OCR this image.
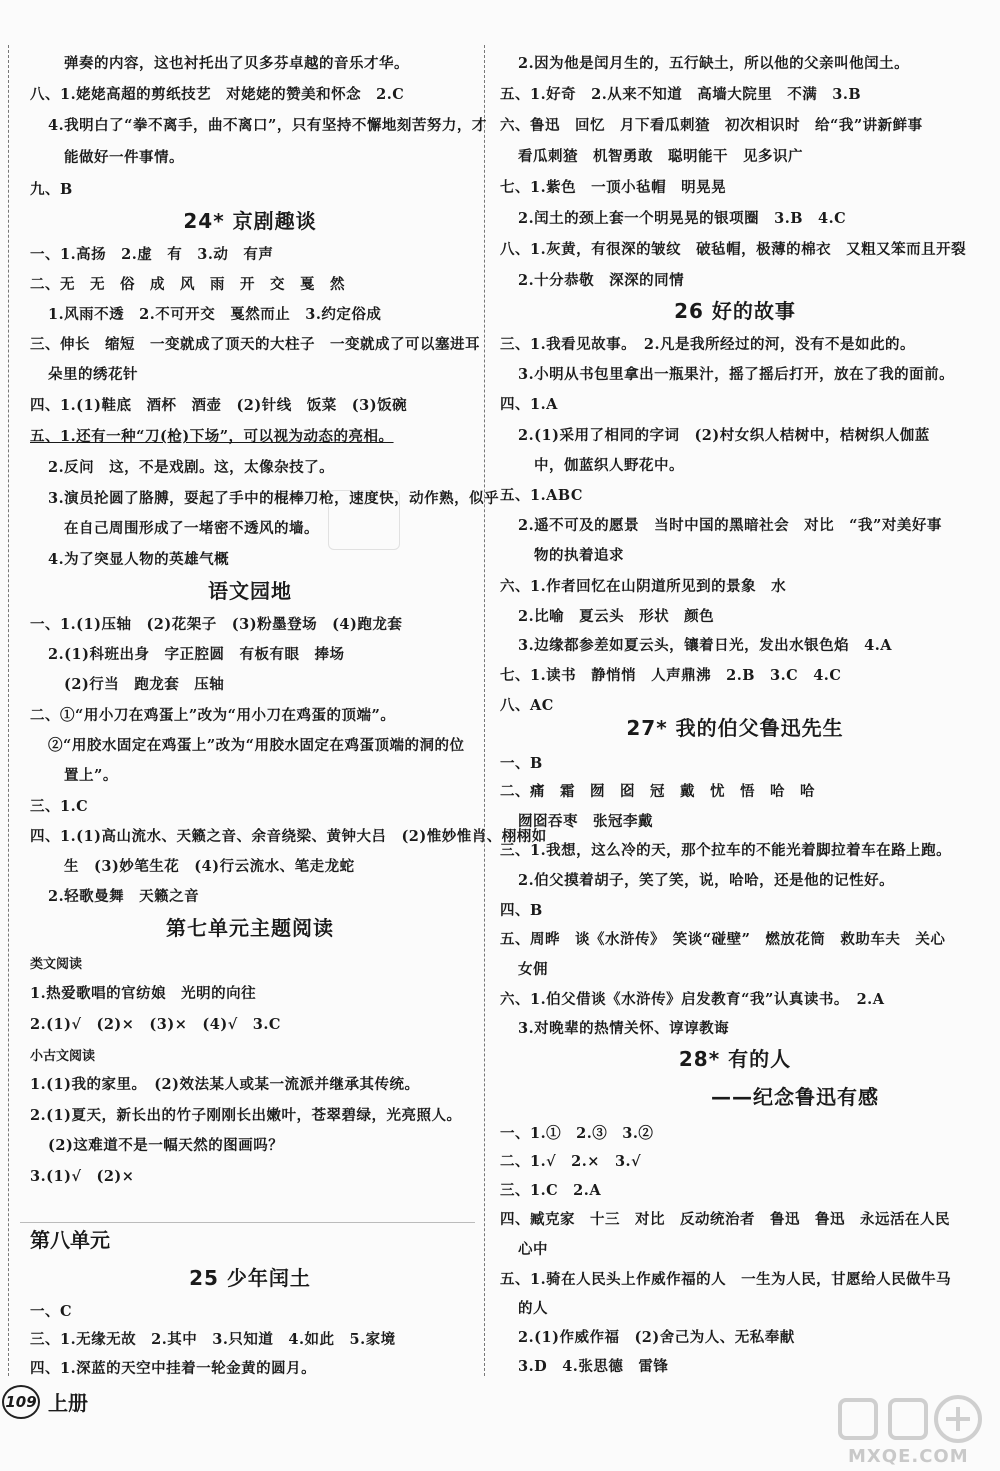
弹奏的内容，这也衬托出了贝多芬卓越的音乐才华。
八、1.姥姥高超的剪纸技艺　对姥姥的赞美和怀念　2.C
4.我明白了“拳不离手，曲不离口”，只有坚持不懈地刻苦努力，才
能做好一件事情。
九、B
24* 京剧趣谈
一、1.高扬　2.虚　有　3.动　有声
二、无　无　俗　成　风　雨　开　交　戛　然
1.风雨不透　2.不可开交　戛然而止　3.约定俗成
三、伸长　缩短　一变就成了顶天的大柱子　一变就成了可以塞进耳
朵里的绣花针
四、1.(1)鞋底　酒杯　酒壶　(2)针线　饭菜　(3)饭碗
五、1.还有一种“刀(枪)下场”，可以视为动态的亮相。
2.反问　这，不是戏剧。这，太像杂技了。
3.演员抡圆了胳膊，耍起了手中的棍棒刀枪，速度快，动作熟，似乎
在自己周围形成了一堵密不透风的墙。
4.为了突显人物的英雄气概
语文园地
一、1.(1)压轴　(2)花架子　(3)粉墨登场　(4)跑龙套
2.(1)科班出身　字正腔圆　有板有眼　捧场
(2)行当　跑龙套　压轴
二、①“用小刀在鸡蛋上”改为“用小刀在鸡蛋的顶端”。
②“用胶水固定在鸡蛋上”改为“用胶水固定在鸡蛋顶端的洞的位
置上”。
三、1.C
四、1.(1)高山流水、天籁之音、余音绕梁、黄钟大吕　(2)惟妙惟肖、栩栩如
生　(3)妙笔生花　(4)行云流水、笔走龙蛇
2.轻歌曼舞　天籁之音
第七单元主题阅读
类文阅读
1.热爱歌唱的官纺娘　光明的向往
2.(1)√　(2)×　(3)×　(4)√　3.C
小古文阅读
1.(1)我的家里。　(2)效法某人或某一流派并继承其传统。
2.(1)夏天，新长出的竹子刚刚长出嫩叶，苍翠碧绿，光亮照人。
(2)这难道不是一幅天然的图画吗？
3.(1)√　(2)×
第八单元
25 少年闰土
一、C
三、1.无缘无故　2.其中　3.只知道　4.如此　5.家境
四、1.深蓝的天空中挂着一轮金黄的圆月。
2.因为他是闰月生的，五行缺土，所以他的父亲叫他闰土。
五、1.好奇　2.从来不知道　高墙大院里　不满　3.B
六、鲁迅　回忆　月下看瓜刺猹　初次相识时　给“我”讲新鲜事
看瓜刺猹　机智勇敢　聪明能干　见多识广
七、1.紫色　一顶小毡帽　明晃晃
2.闰土的颈上套一个明晃晃的银项圈　3.B　4.C
八、1.灰黄，有很深的皱纹　破毡帽，极薄的棉衣　又粗又笨而且开裂
2.十分恭敬　深深的同情
26 好的故事
三、1.我看见故事。　2.凡是我所经过的河，没有不是如此的。
3.小明从书包里拿出一瓶果汁，摇了摇后打开，放在了我的面前。
四、1.A
2.(1)采用了相同的字词　(2)村女织人桔树中，桔树织人伽蓝
中，伽蓝织人野花中。
五、1.ABC
2.遥不可及的愿景　当时中国的黑暗社会　对比　“我”对美好事
物的执着追求
六、1.作者回忆在山阴道所见到的景象　水
2.比喻　夏云头　形状　颜色
3.边缘都参差如夏云头，镶着日光，发出水银色焰　4.A
七、1.读书　静悄悄　人声鼎沸　2.B　3.C　4.C
八、AC
27* 我的伯父鲁迅先生
一、B
二、痛　霜　囫　囵　冠　戴　忧　悟　哈　哈
囫囵吞枣　张冠李戴
三、1.我想，这么冷的天，那个拉车的不能光着脚拉着车在路上跑。
2.伯父摸着胡子，笑了笑，说，哈哈，还是他的记性好。
四、B
五、周晔　谈《水浒传》　笑谈“碰壁”　燃放花筒　救助车夫　关心
女佣
六、1.伯父借谈《水浒传》启发教育“我”认真读书。　2.A
3.对晚辈的热情关怀、谆谆教诲
28* 有的人
——纪念鲁迅有感
一、1.①　2.③　3.②
二、1.√　2.×　3.√
三、1.C　2.A
四、臧克家　十三　对比　反动统治者　鲁迅　鲁迅　永远活在人民
心中
五、1.骑在人民头上作威作福的人　一生为人民，甘愿给人民做牛马
的人
2.(1)作威作福　(2)舍己为人、无私奉献
3.D　4.张思德　雷锋
109 上册
MXQE.COM
